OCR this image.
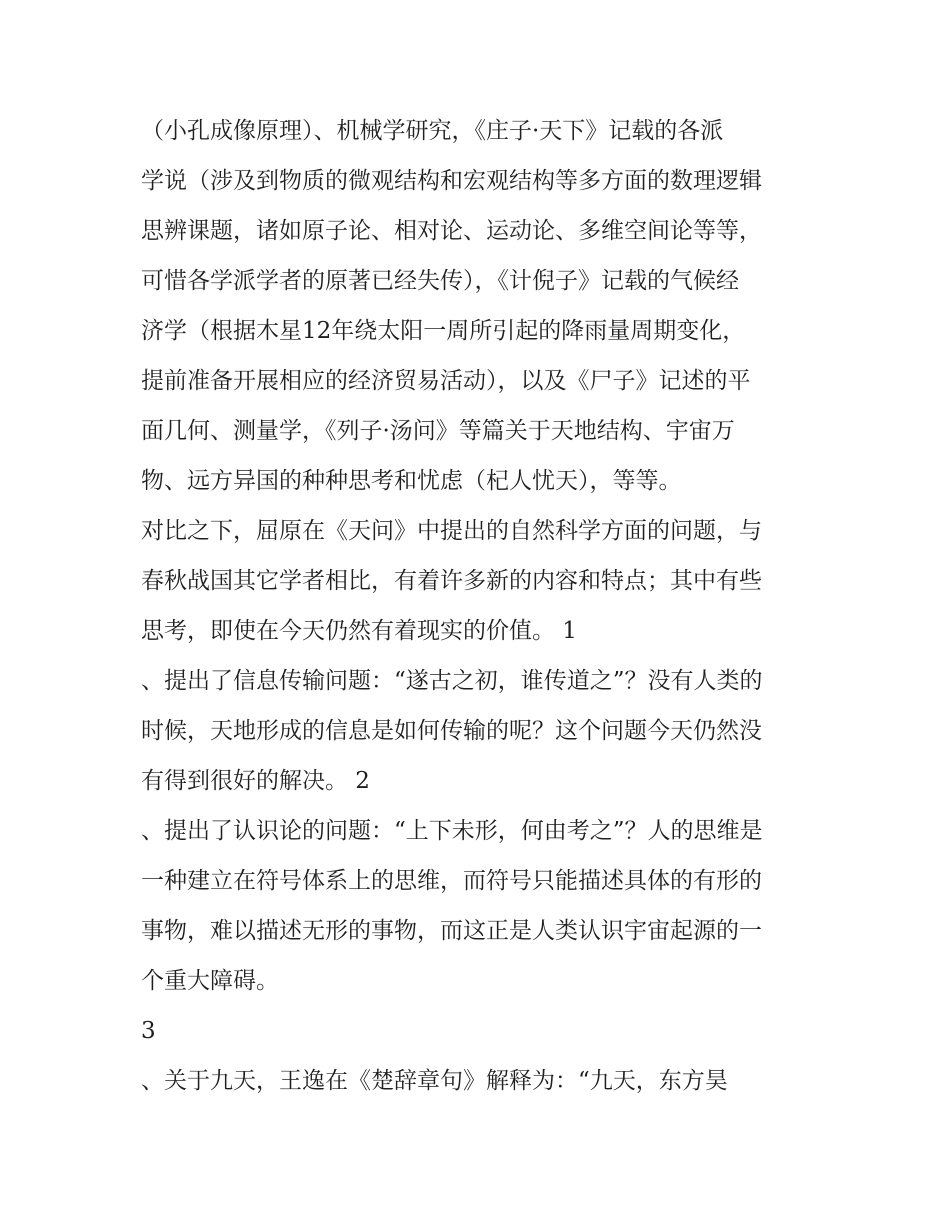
（小孔成像原理）、机械学研究，《庄子·天下》记载的各派
学说（涉及到物质的微观结构和宏观结构等多方面的数理逻辑
思辨课题，诸如原子论、相对论、运动论、多维空间论等等，
可惜各学派学者的原著已经失传），《计倪子》记载的气候经
济学（根据木星12年绕太阳一周所引起的降雨量周期变化，
提前准备开展相应的经济贸易活动），以及《尸子》记述的平
面几何、测量学，《列子·汤问》等篇关于天地结构、宇宙万
物、远方异国的种种思考和忧虑（杞人忧天），等等。
对比之下，屈原在《天问》中提出的自然科学方面的问题，与
春秋战国其它学者相比，有着许多新的内容和特点；其中有些
思考，即使在今天仍然有着现实的价值。 1
、提出了信息传输问题：“遂古之初，谁传道之”？没有人类的
时候，天地形成的信息是如何传输的呢？这个问题今天仍然没
有得到很好的解决。 2
、提出了认识论的问题：“上下未形，何由考之”？人的思维是
一种建立在符号体系上的思维，而符号只能描述具体的有形的
事物，难以描述无形的事物，而这正是人类认识宇宙起源的一
个重大障碍。
3
、关于九天，王逸在《楚辞章句》解释为：“九天，东方昊
